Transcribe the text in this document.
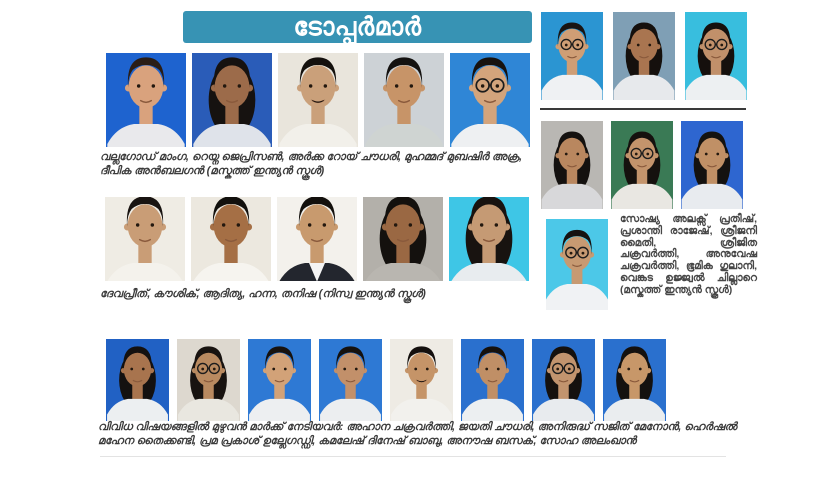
ടോപ്പർമാർ
വല്ലഗോഡ് മാംഗ, റെയ്ന ജെപ്രിസൺ, അർക്ക റോയ് ചൗധരി, മുഹമ്മദ് മുബഷിർ അക്ര, ദീപിക അൻബലഗൻ (മസ്കത്ത് ഇന്ത്യൻ സ്കൂൾ)
ദേവപ്രീത്, കൗശിക്, ആദിത്യ, ഹന്ന, തനിഷ (നിസ്വ ഇന്ത്യൻ സ്കൂൾ)
സോഷ്യ അലക്സ് പ്രതീഷ്, പ്രശാന്തി രാജേഷ്, ശ്രീജനി മൈതി, ശ്രീജിത ചക്രവർത്തി, അനുവേഷ ചക്രവർത്തി, ഭൂമിക ഗുലാനി, വെങ്കട ഉജ്ജ്വൽ ചില്ലാറെ (മസ്കത്ത് ഇന്ത്യൻ സ്കൂൾ)
വിവിധ വിഷയങ്ങളിൽ മുഴുവൻ മാർക്ക് നേടിയവർ: അഹാന ചക്രവർത്തി, ജയതി ചൗധരി, അനിരുദ്ധ് സജിത് മേനോൻ, ഹെർഷൽ മഹേന തൈക്കണ്ടി, പ്രമ പ്രകാശ് ഉല്ലേഗഡ്ഡി, കമലേഷ് ദിനേഷ് ബാബു, അനൗഷ ബസക്, സോഹ അലംഖാൻ
